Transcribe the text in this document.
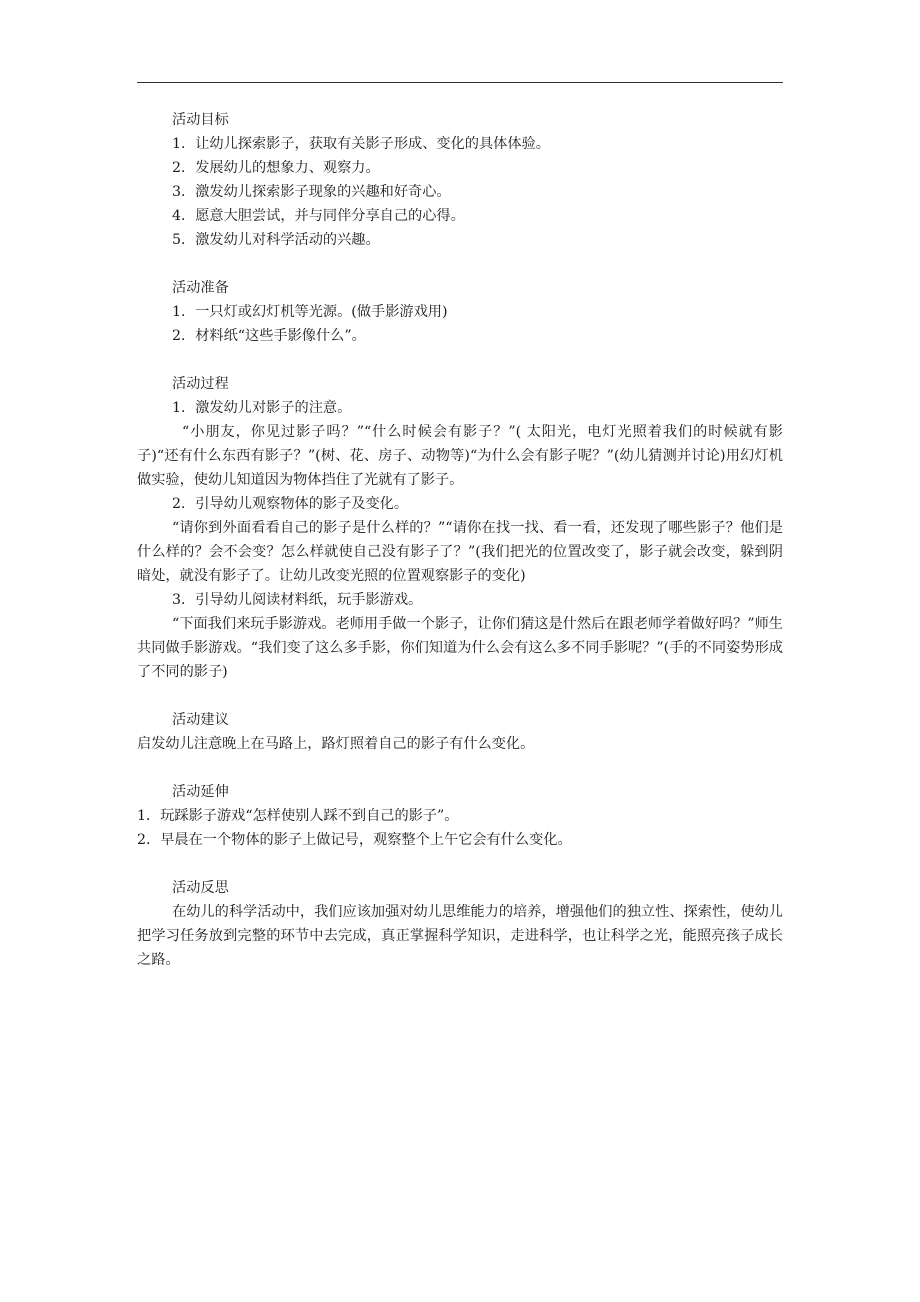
活动目标

1．让幼儿探索影子，获取有关影子形成、变化的具体体验。

2．发展幼儿的想象力、观察力。

3．激发幼儿探索影子现象的兴趣和好奇心。

4．愿意大胆尝试，并与同伴分享自己的心得。

5．激发幼儿对科学活动的兴趣。

活动准备

1．一只灯或幻灯机等光源。(做手影游戏用)

2．材料纸“这些手影像什么”。

活动过程

1．激发幼儿对影子的注意。

“小朋友，你见过影子吗？”“什么时候会有影子？”( 太阳光，电灯光照着我们的时候就有影子)“还有什么东西有影子？”(树、花、房子、动物等)“为什么会有影子呢？”(幼儿猜测并讨论)用幻灯机做实验，使幼儿知道因为物体挡住了光就有了影子。

2．引导幼儿观察物体的影子及变化。

“请你到外面看看自己的影子是什么样的？”“请你在找一找、看一看，还发现了哪些影子？他们是什么样的？会不会变？怎么样就使自己没有影子了？”(我们把光的位置改变了，影子就会改变，躲到阴暗处，就没有影子了。让幼儿改变光照的位置观察影子的变化)

3．引导幼儿阅读材料纸，玩手影游戏。

“下面我们来玩手影游戏。老师用手做一个影子，让你们猜这是什然后在跟老师学着做好吗？”师生共同做手影游戏。“我们变了这么多手影，你们知道为什么会有这么多不同手影呢？”(手的不同姿势形成了不同的影子)

活动建议

启发幼儿注意晚上在马路上，路灯照着自己的影子有什么变化。

活动延伸

1．玩踩影子游戏“怎样使别人踩不到自己的影子”。

2．早晨在一个物体的影子上做记号，观察整个上午它会有什么变化。

活动反思

在幼儿的科学活动中，我们应该加强对幼儿思维能力的培养，增强他们的独立性、探索性，使幼儿把学习任务放到完整的环节中去完成，真正掌握科学知识，走进科学，也让科学之光，能照亮孩子成长之路。
